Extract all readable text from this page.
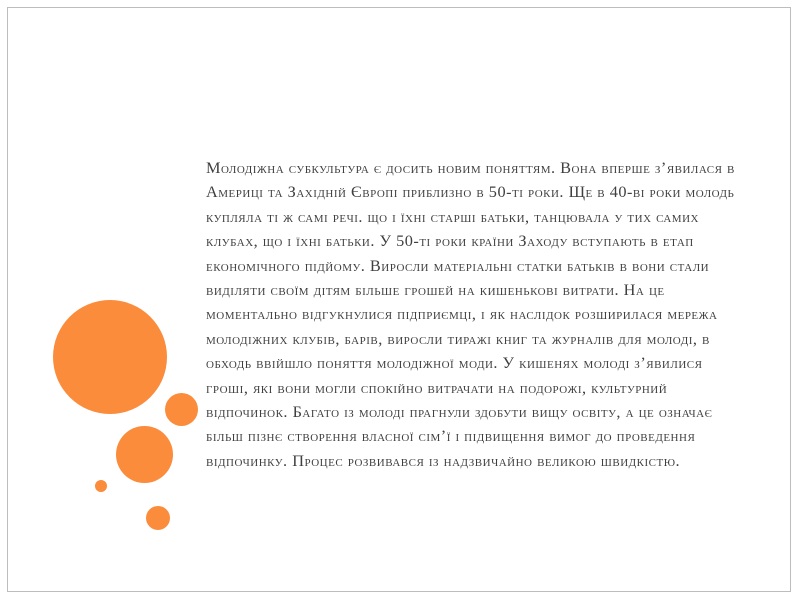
Молодіжна субкультура є досить новим поняттям. Вона вперше з’явилася в Америці та Західній Європі приблизно в 50-ті роки. Ще в 40-ві роки молодь купляла ті ж самі речі. що і їхні старші батьки, танцювала у тих самих клубах, що і їхні батьки. У 50-ті роки країни Заходу вступають в етап економічного підйому. Виросли матеріальні статки батьків в вони стали виділяти своїм дітям більше грошей на кишенькові витрати. На це моментально відгукнулися підприємці, і як наслідок розширилася мережа молодіжних клубів, барів, виросли тиражі книг та журналів для молоді, в обходь ввійшло поняття молодіжної моди. У кишенях молоді з’явилися гроші, які вони могли спокійно витрачати на подорожі, культурний відпочинок. Багато із молоді прагнули здобути вищу освіту, а це означає більш пізнє створення власної сім’ї і підвищення вимог до проведення відпочинку. Процес розвивався із надзвичайно великою швидкістю.
